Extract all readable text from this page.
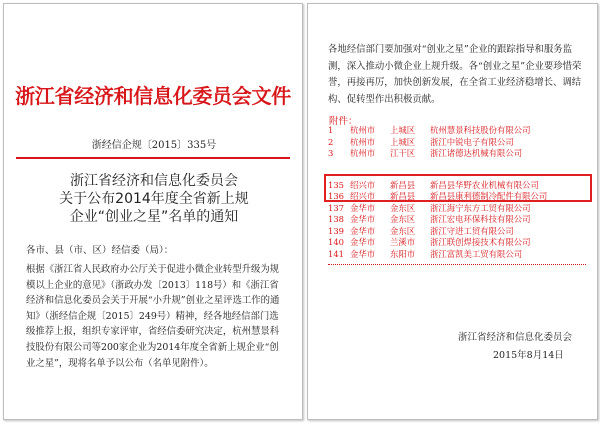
浙江省经济和信息化委员会文件
浙经信企规〔2015〕335号
浙江省经济和信息化委员会
关于公布2014年度全省新上规
企业“创业之星”名单的通知
各市、县（市、区）经信委（局）：
根据《浙江省人民政府办公厅关于促进小微企业转型升级为规模以上企业的意见》（浙政办发〔2013〕118号）和《浙江省经济和信息化委员会关于开展“小升规”创业之星评选工作的通知》（浙经信企规〔2015〕249号）精神，经各地经信部门选级推荐上报，组织专家评审，省经信委研究决定，杭州慧景科技股份有限公司等200家企业为2014年度全省新上规企业“创业之星”，现将名单予以公布（名单见附件）。
各地经信部门要加强对“创业之星”企业的跟踪指导和服务监测，深入推动小微企业上规升级。各“创业之星”企业要珍惜荣誉，再接再厉，加快创新发展，在全省工业经济稳增长、调结构、促转型作出积极贡献。
附件：
1	杭州市 上城区 杭州慧景科技股份有限公司
2	杭州市 上城区 浙江中锐电子有限公司
3	杭州市 江干区 浙江诸德达机械有限公司
135 绍兴市 新昌县 新昌县华野农业机械有限公司
136 绍兴市 新昌县 新昌县康利德制冷配件有限公司
137 金华市 金东区 浙江海宁东方工贸有限公司
138 金华市 金东区 浙江宏电环保科技有限公司
139 金华市 金东区 浙江守进工贸有限公司
140 金华市 兰溪市 浙江联创焊接技术有限公司
141 金华市 东阳市 浙江富凯美工贸有限公司
浙江省经济和信息化委员会
2015年8月14日
